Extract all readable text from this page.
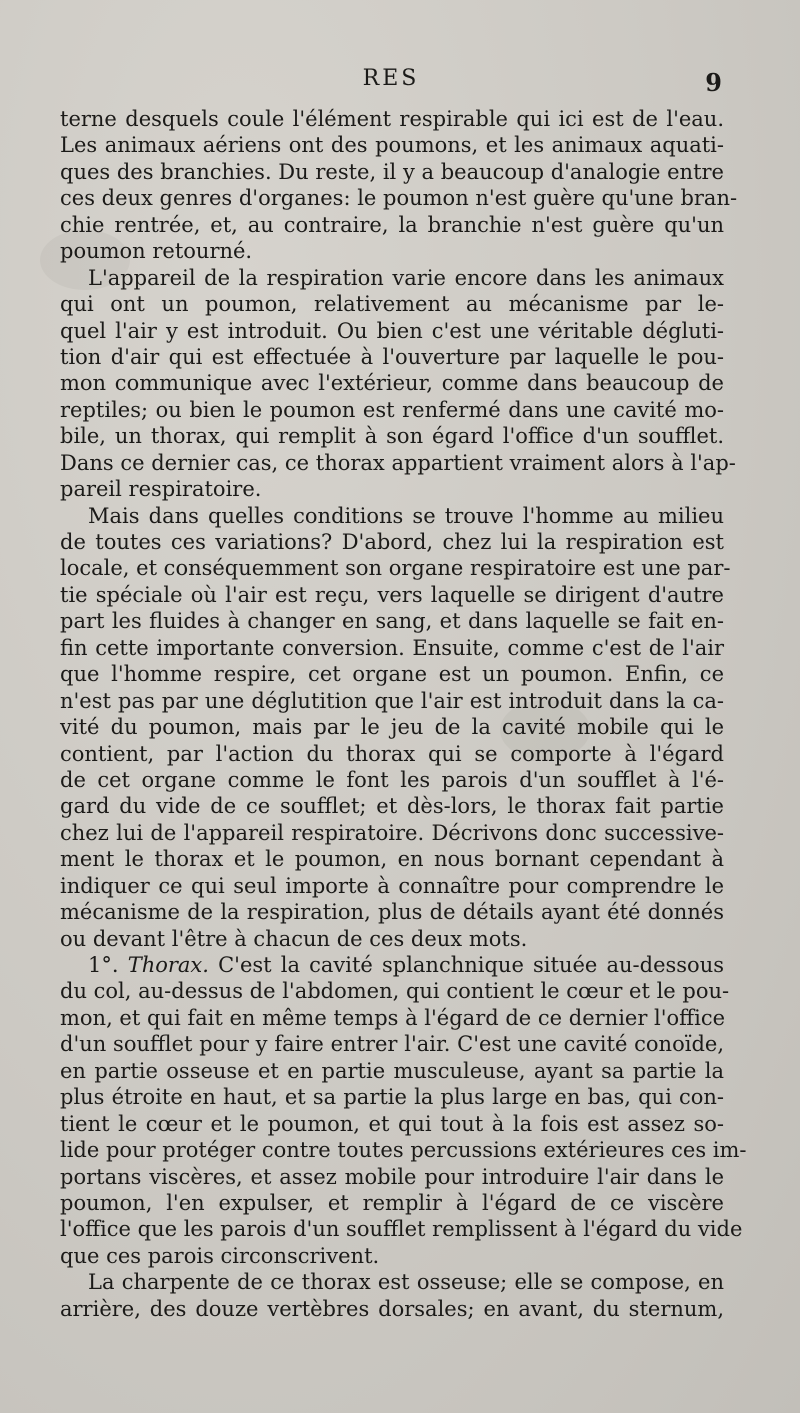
RES	9
terne desquels coule l'élément respirable qui ici est de l'eau.
Les animaux aériens ont des poumons, et les animaux aquati-
ques des branchies. Du reste, il y a beaucoup d'analogie entre
ces deux genres d'organes: le poumon n'est guère qu'une bran-
chie rentrée, et, au contraire, la branchie n'est guère qu'un
poumon retourné.
L'appareil de la respiration varie encore dans les animaux
qui ont un poumon, relativement au mécanisme par le-
quel l'air y est introduit. Ou bien c'est une véritable dégluti-
tion d'air qui est effectuée à l'ouverture par laquelle le pou-
mon communique avec l'extérieur, comme dans beaucoup de
reptiles; ou bien le poumon est renfermé dans une cavité mo-
bile, un thorax, qui remplit à son égard l'office d'un soufflet.
Dans ce dernier cas, ce thorax appartient vraiment alors à l'ap-
pareil respiratoire.
Mais dans quelles conditions se trouve l'homme au milieu
de toutes ces variations? D'abord, chez lui la respiration est
locale, et conséquemment son organe respiratoire est une par-
tie spéciale où l'air est reçu, vers laquelle se dirigent d'autre
part les fluides à changer en sang, et dans laquelle se fait en-
fin cette importante conversion. Ensuite, comme c'est de l'air
que l'homme respire, cet organe est un poumon. Enfin, ce
n'est pas par une déglutition que l'air est introduit dans la ca-
vité du poumon, mais par le jeu de la cavité mobile qui le
contient, par l'action du thorax qui se comporte à l'égard
de cet organe comme le font les parois d'un soufflet à l'é-
gard du vide de ce soufflet; et dès-lors, le thorax fait partie
chez lui de l'appareil respiratoire. Décrivons donc successive-
ment le thorax et le poumon, en nous bornant cependant à
indiquer ce qui seul importe à connaître pour comprendre le
mécanisme de la respiration, plus de détails ayant été donnés
ou devant l'être à chacun de ces deux mots.
1°. Thorax. C'est la cavité splanchnique située au-dessous
du col, au-dessus de l'abdomen, qui contient le cœur et le pou-
mon, et qui fait en même temps à l'égard de ce dernier l'office
d'un soufflet pour y faire entrer l'air. C'est une cavité conoïde,
en partie osseuse et en partie musculeuse, ayant sa partie la
plus étroite en haut, et sa partie la plus large en bas, qui con-
tient le cœur et le poumon, et qui tout à la fois est assez so-
lide pour protéger contre toutes percussions extérieures ces im-
portans viscères, et assez mobile pour introduire l'air dans le
poumon, l'en expulser, et remplir à l'égard de ce viscère
l'office que les parois d'un soufflet remplissent à l'égard du vide
que ces parois circonscrivent.
La charpente de ce thorax est osseuse; elle se compose, en
arrière, des douze vertèbres dorsales; en avant, du sternum,
